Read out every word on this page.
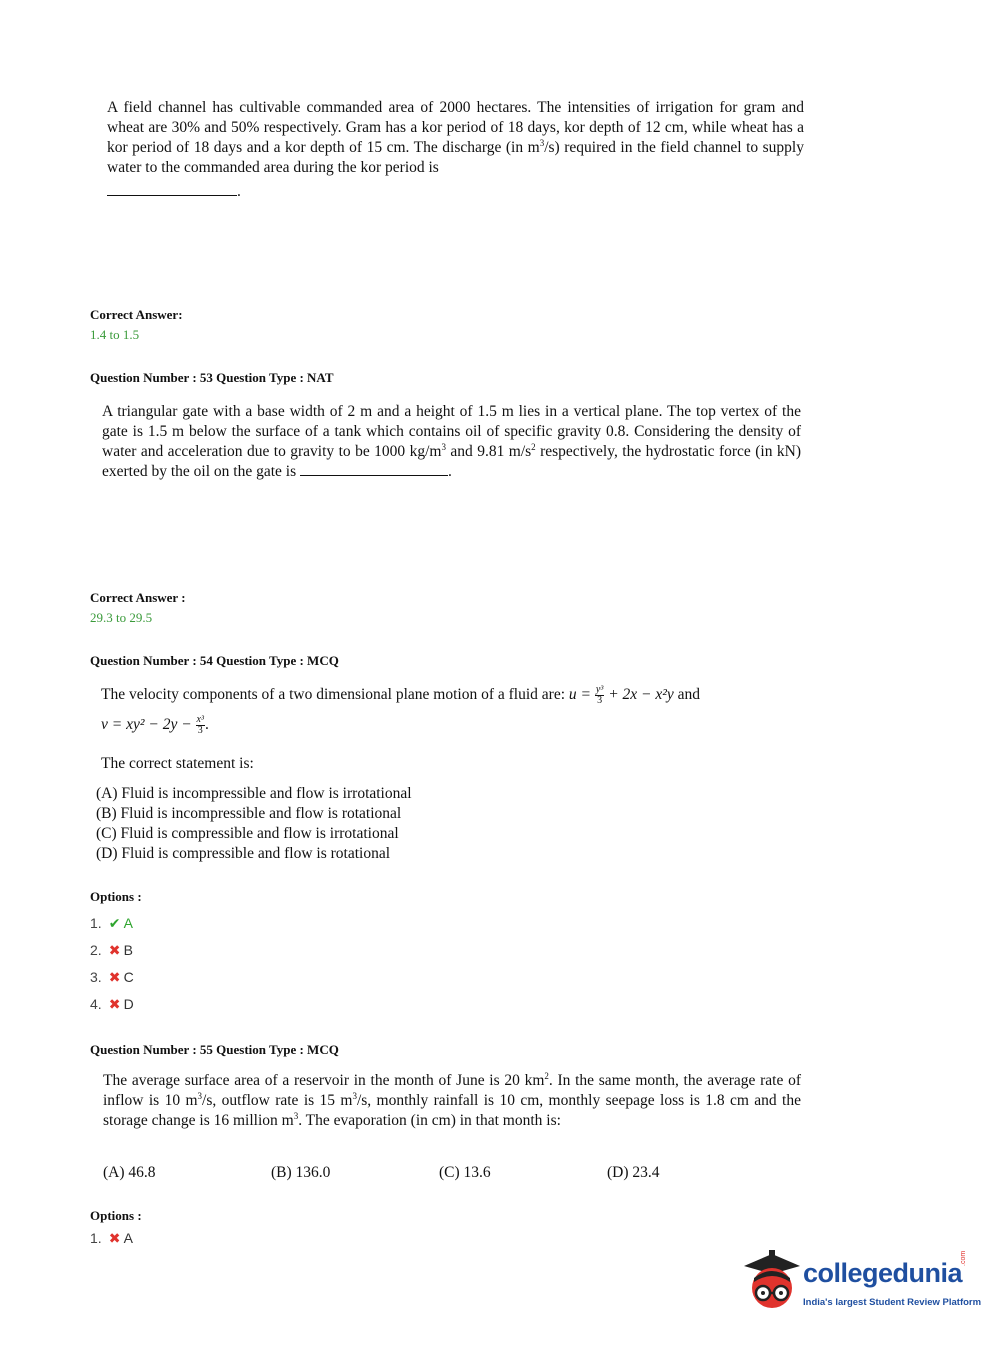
A field channel has cultivable commanded area of 2000 hectares. The intensities of irrigation for gram and wheat are 30% and 50% respectively. Gram has a kor period of 18 days, kor depth of 12 cm, while wheat has a kor period of 18 days and a kor depth of 15 cm. The discharge (in $m^3/s$) required in the field channel to supply water to the commanded area during the kor period is
.
Correct Answer:
1.4 to 1.5
Question Number : 53 Question Type : NAT
A triangular gate with a base width of 2 m and a height of 1.5 m lies in a vertical plane. The top vertex of the gate is 1.5 m below the surface of a tank which contains oil of specific gravity 0.8. Considering the density of water and acceleration due to gravity to be 1000 $kg/m^3$ and 9.81 $m/s^2$ respectively, the hydrostatic force (in kN) exerted by the oil on the gate is	.
Correct Answer :
29.3 to 29.5
Question Number : 54 Question Type : MCQ
The velocity components of a two dimensional plane motion of a fluid are: $u = \frac{\text{y³}}{3} + 2x - x^2y$ and
$v = xy^2 - 2y - \frac{\text{x³}}{3}$ .
The correct statement is:
(A) Fluid is incompressible and flow is irrotational
(B) Fluid is incompressible and flow is rotational
(C) Fluid is compressible and flow is irrotational
(D) Fluid is compressible and flow is rotational
Options :
1. ✔ A
2. ✖ B
3. ✖ C
4. ✖ D
Question Number : 55 Question Type : MCQ
The average surface area of a reservoir in the month of June is 20 $km^2$. In the same month, the average rate of inflow is 10 $m^3/s$, outflow rate is 15 $m^3/s$, monthly rainfall is 10 cm, monthly seepage loss is 1.8 cm and the storage change is 16 million $m^3$. The evaporation (in cm) in that month is:
(A) 46.8	(B) 136.0	(C) 13.6	(D) 23.4
Options :
1. ✖ A
collegedunia
.com
India's largest Student Review Platform
